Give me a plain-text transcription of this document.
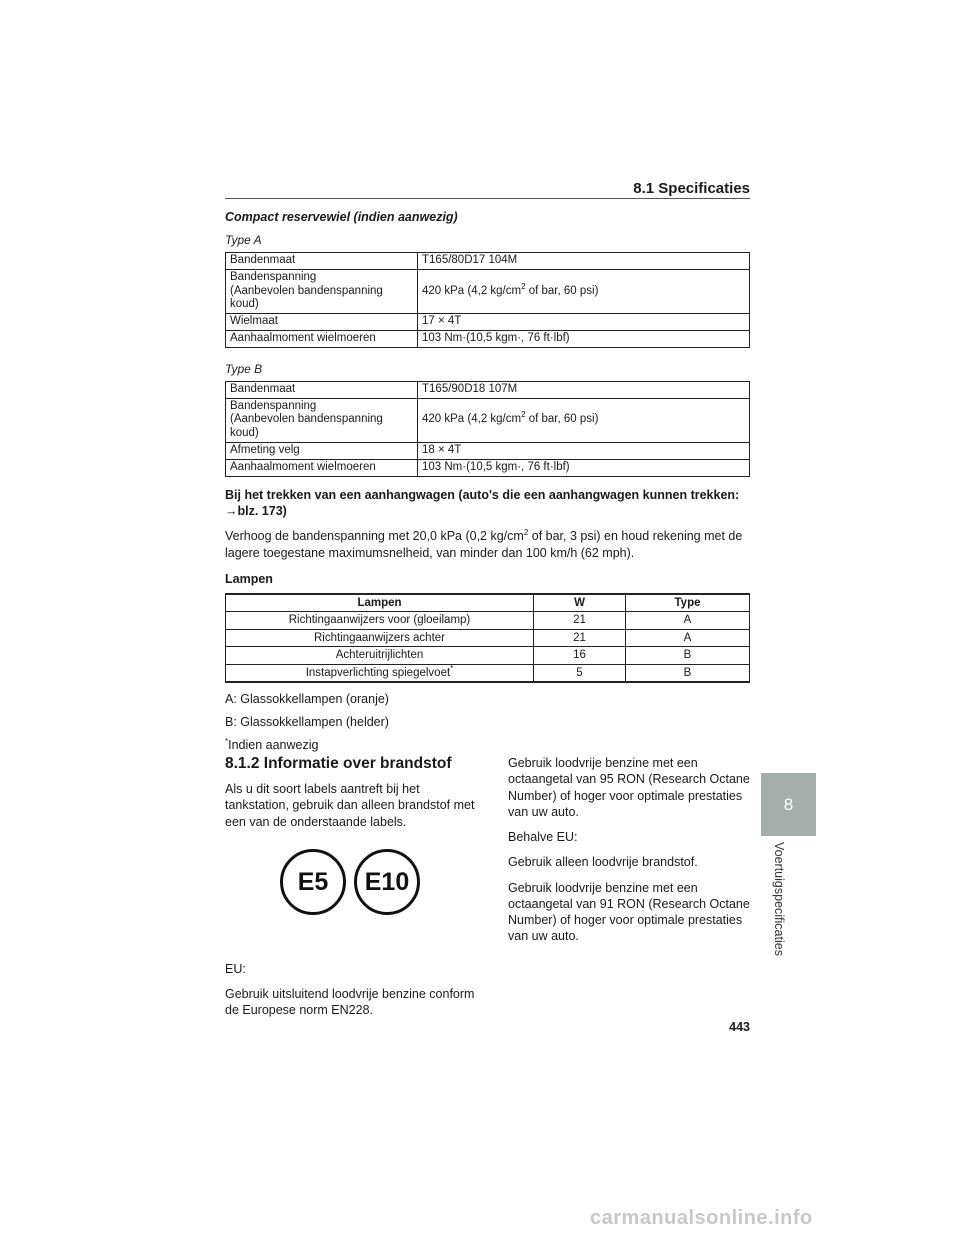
8.1 Specificaties
Compact reservewiel (indien aanwezig)
Type A
Bandenmaat	T165/80D17 104M
Bandenspanning
(Aanbevolen bandenspanning
koud)	420 kPa (4,2 $kg/cm^2$ of bar, 60 psi)
Wielmaat	17 × 4T
Aanhaalmoment wielmoeren	103 Nm·(10,5 kgm·, 76 ft·lbf)
Type B
Bandenmaat	T165/90D18 107M
Bandenspanning
(Aanbevolen bandenspanning
koud)	420 kPa (4,2 $kg/cm^2$ of bar, 60 psi)
Afmeting velg	18 × 4T
Aanhaalmoment wielmoeren	103 Nm·(10,5 kgm·, 76 ft·lbf)
Bij het trekken van een aanhangwagen (auto's die een aanhangwagen kunnen trekken: →blz. 173)
Verhoog de bandenspanning met 20,0 kPa (0,2 $kg/cm^2$ of bar, 3 psi) en houd rekening met de lagere toegestane maximumsnelheid, van minder dan 100 km/h (62 mph).
Lampen
Lampen	W	Type
Richtingaanwijzers voor (gloeilamp)	21	A
Richtingaanwijzers achter	21	A
Achteruitrijlichten	16	B
Instapverlichting spiegelvoet*	5	B
A: Glassokkellampen (oranje)
B: Glassokkellampen (helder)
*Indien aanwezig
8.1.2 Informatie over brandstof

Als u dit soort labels aantreft bij het tankstation, gebruik dan alleen brandstof met een van de onderstaande labels.

EU:

Gebruik uitsluitend loodvrije benzine conform de Europese norm EN228.

E5	E10

Gebruik loodvrije benzine met een octaangetal van 95 RON (Research Octane Number) of hoger voor optimale prestaties van uw auto.

Behalve EU:

Gebruik alleen loodvrije brandstof.

Gebruik loodvrije benzine met een octaangetal van 91 RON (Research Octane Number) of hoger voor optimale prestaties van uw auto.

8
Voertuigspecificaties
443
carmanualsonline.info
